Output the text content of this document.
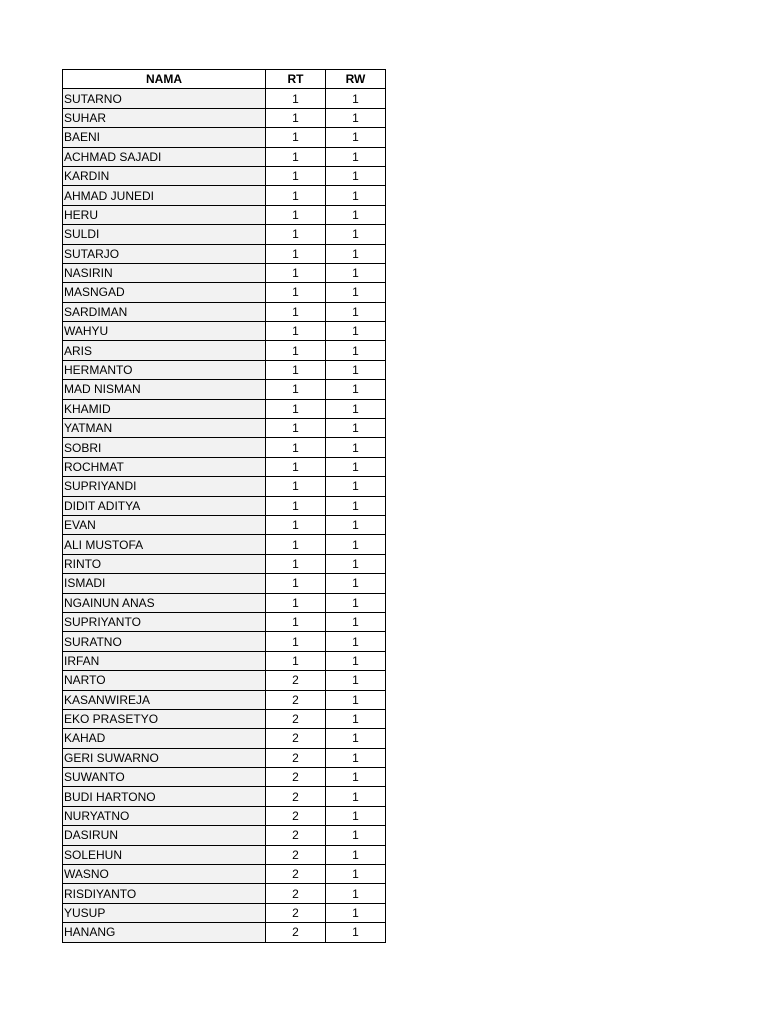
NAMA	RT	RW
SUTARNO	1	1
SUHAR	1	1
BAENI	1	1
ACHMAD SAJADI	1	1
KARDIN	1	1
AHMAD JUNEDI	1	1
HERU	1	1
SULDI	1	1
SUTARJO	1	1
NASIRIN	1	1
MASNGAD	1	1
SARDIMAN	1	1
WAHYU	1	1
ARIS	1	1
HERMANTO	1	1
MAD NISMAN	1	1
KHAMID	1	1
YATMAN	1	1
SOBRI	1	1
ROCHMAT	1	1
SUPRIYANDI	1	1
DIDIT ADITYA	1	1
EVAN	1	1
ALI MUSTOFA	1	1
RINTO	1	1
ISMADI	1	1
NGAINUN ANAS	1	1
SUPRIYANTO	1	1
SURATNO	1	1
IRFAN	1	1
NARTO	2	1
KASANWIREJA	2	1
EKO PRASETYO	2	1
KAHAD	2	1
GERI SUWARNO	2	1
SUWANTO	2	1
BUDI HARTONO	2	1
NURYATNO	2	1
DASIRUN	2	1
SOLEHUN	2	1
WASNO	2	1
RISDIYANTO	2	1
YUSUP	2	1
HANANG	2	1
